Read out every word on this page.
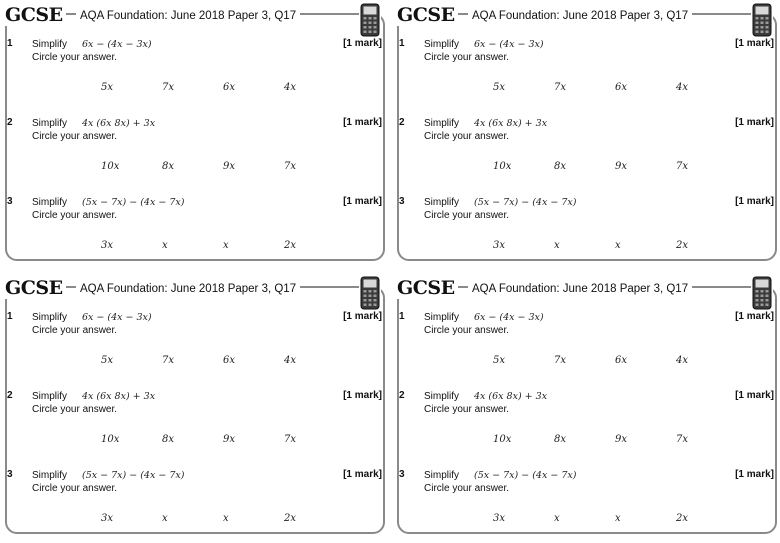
GCSE	AQA Foundation: June 2018 Paper 3, Q17
1 Simplify 6x − (4x − 3x)
Circle your answer.
[1 mark]
5x	7x	6x	4x
2 Simplify 4x (6x 8x) + 3x
Circle your answer.
[1 mark]
10x	8x	9x	7x
3 Simplify (5x − 7x) − (4x − 7x)
Circle your answer.
[1 mark]
3x	x	x	2x
GCSE	AQA Foundation: June 2018 Paper 3, Q17
1 Simplify 6x − (4x − 3x)
Circle your answer.
[1 mark]
5x	7x	6x	4x
2 Simplify 4x (6x 8x) + 3x
Circle your answer.
[1 mark]
10x	8x	9x	7x
3 Simplify (5x − 7x) − (4x − 7x)
Circle your answer.
[1 mark]
3x	x	x	2x
GCSE	AQA Foundation: June 2018 Paper 3, Q17
1 Simplify 6x − (4x − 3x)
Circle your answer.
[1 mark]
5x	7x	6x	4x
2 Simplify 4x (6x 8x) + 3x
Circle your answer.
[1 mark]
10x	8x	9x	7x
3 Simplify (5x − 7x) − (4x − 7x)
Circle your answer.
[1 mark]
3x	x	x	2x
GCSE	AQA Foundation: June 2018 Paper 3, Q17
1 Simplify 6x − (4x − 3x)
Circle your answer.
[1 mark]
5x	7x	6x	4x
2 Simplify 4x (6x 8x) + 3x
Circle your answer.
[1 mark]
10x	8x	9x	7x
3 Simplify (5x − 7x) − (4x − 7x)
Circle your answer.
[1 mark]
3x	x	x	2x
